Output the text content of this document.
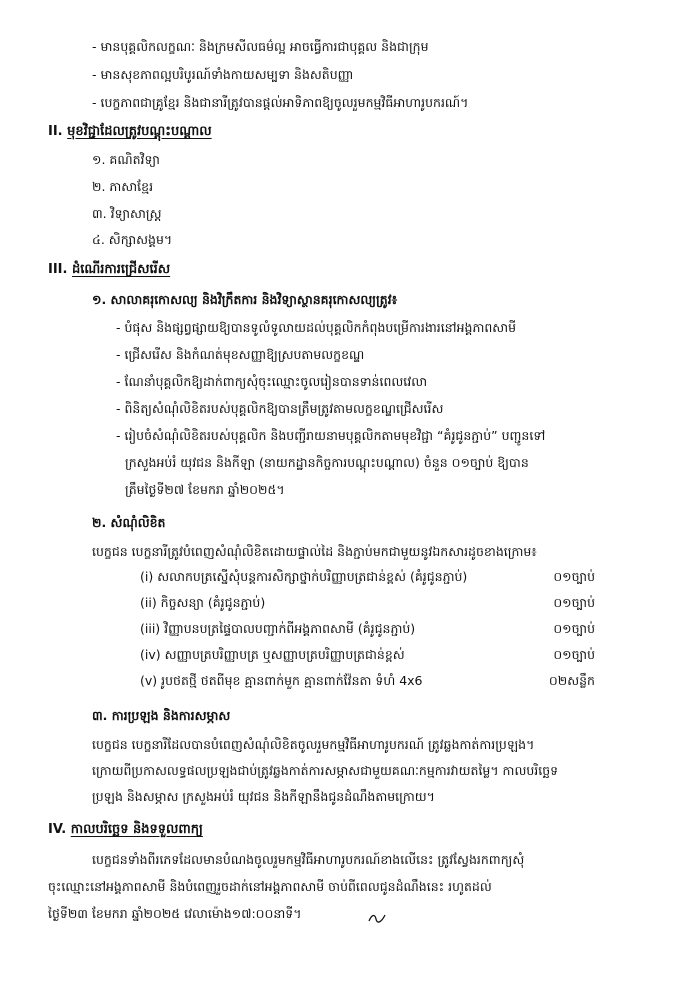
- មានបុគ្គលិកលក្ខណៈ និងក្រមសីលធម៌ល្អ អាចធ្វើការជាបុគ្គល និងជាក្រុម
- មានសុខភាពល្អបរិបូរណ៍ទាំងកាយសម្បទា និងសតិបញ្ញា
- បេក្ខភាពជាគ្រូខ្មែរ និងជានារីត្រូវបានផ្តល់អាទិភាពឱ្យចូលរួមកម្មវិធីអាហារូបករណ៍។
II. មុខវិជ្ជាដែលត្រូវបណ្តុះបណ្តាល
១. គណិតវិទ្យា
២. ភាសាខ្មែរ
៣. វិទ្យាសាស្ត្រ
៤. សិក្សាសង្គម។
III. ដំណើរការជ្រើសរើស
១. សាលាគរុកោសល្យ និងវិក្រឹតការ និងវិទ្យាស្ថានគរុកោសល្យត្រូវ៖
- បំផុស និងផ្សព្វផ្សាយឱ្យបានទូលំទូលាយដល់បុគ្គលិកកំពុងបម្រើការងារនៅអង្គភាពសាមី
- ជ្រើសរើស និងកំណត់មុខសញ្ញាឱ្យស្របតាមលក្ខខណ្ឌ
- ណែនាំបុគ្គលិកឱ្យដាក់ពាក្យសុំចុះឈ្មោះចូលរៀនបានទាន់ពេលវេលា
- ពិនិត្យសំណុំលិខិតរបស់បុគ្គលិកឱ្យបានត្រឹមត្រូវតាមលក្ខខណ្ឌជ្រើសរើស
- រៀបចំសំណុំលិខិតរបស់បុគ្គលិក និងបញ្ជីរាយនាមបុគ្គលិកតាមមុខវិជ្ជា “គំរូជូនភ្ជាប់” បញ្ជូនទៅ
ក្រសួងអប់រំ យុវជន និងកីឡា (នាយកដ្ឋានកិច្ចការបណ្តុះបណ្តាល) ចំនួន ០១ច្បាប់ ឱ្យបាន
ត្រឹមថ្ងៃទី២៧ ខែមករា ឆ្នាំ២០២៥។
២. សំណុំលិខិត
បេក្ខជន បេក្ខនារីត្រូវបំពេញសំណុំលិខិតដោយផ្ទាល់ដៃ និងភ្ជាប់មកជាមួយនូវឯកសារដូចខាងក្រោម៖
(i) សលាកបត្រស្នើសុំបន្តការសិក្សាថ្នាក់បរិញ្ញាបត្រជាន់ខ្ពស់ (គំរូជូនភ្ជាប់)	០១ច្បាប់
(ii) កិច្ចសន្យា (គំរូជូនភ្ជាប់)	០១ច្បាប់
(iii) វិញ្ញាបនបត្រផ្ទៃបាលបញ្ជាក់ពីអង្គភាពសាមី (គំរូជូនភ្ជាប់)	០១ច្បាប់
(iv) សញ្ញាបត្របរិញ្ញាបត្រ ឬសញ្ញាបត្របរិញ្ញាបត្រជាន់ខ្ពស់	០១ច្បាប់
(v) រូបថតថ្មី ថតពីមុខ គ្មានពាក់មួក គ្មានពាក់វ៉ែនតា ទំហំ 4x6	០២សន្លឹក
៣. ការប្រឡង និងការសម្ភាស
បេក្ខជន បេក្ខនារីដែលបានបំពេញសំណុំលិខិតចូលរួមកម្មវិធីអាហារូបករណ៍ ត្រូវឆ្លងកាត់ការប្រឡង។
ក្រោយពីប្រកាសលទ្ធផលប្រឡងជាប់ត្រូវឆ្លងកាត់ការសម្ភាសជាមួយគណៈកម្មការវាយតម្លៃ។ កាលបរិច្ឆេទ
ប្រឡង និងសម្ភាស ក្រសួងអប់រំ យុវជន និងកីឡានឹងជូនដំណឹងតាមក្រោយ។
IV. កាលបរិច្ឆេទ និងទទួលពាក្យ
បេក្ខជនទាំងពីរភេទដែលមានបំណងចូលរួមកម្មវិធីអាហារូបករណ៍ខាងលើនេះ ត្រូវស្វែងរកពាក្យសុំ
ចុះឈ្មោះនៅអង្គភាពសាមី និងបំពេញរួចដាក់នៅអង្គភាពសាមី ចាប់ពីពេលជូនដំណឹងនេះ រហូតដល់
ថ្ងៃទី២៣ ខែមករា ឆ្នាំ២០២៥ វេលាម៉ោង១៧:០០នាទី។
